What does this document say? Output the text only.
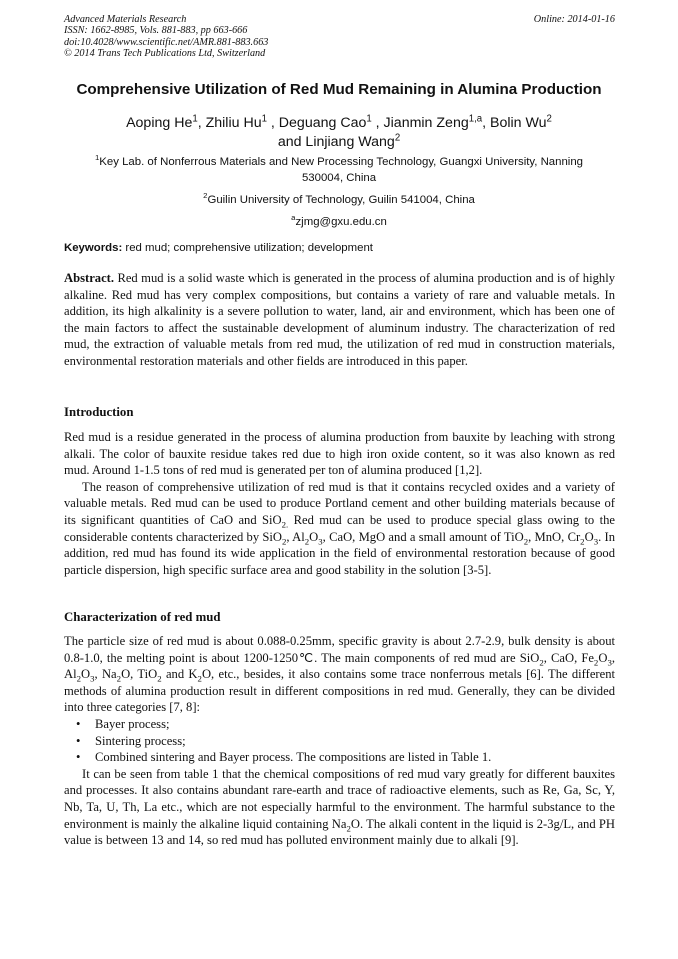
Advanced Materials Research
ISSN: 1662-8985, Vols. 881-883, pp 663-666
doi:10.4028/www.scientific.net/AMR.881-883.663
© 2014 Trans Tech Publications Ltd, Switzerland
Online: 2014-01-16
Comprehensive Utilization of Red Mud Remaining in Alumina Production
Aoping He$^1$, Zhiliu Hu$^1$ , Deguang Cao$^1$ , Jianmin Zeng$^{1,a}$, Bolin Wu$^2$
and Linjiang Wang$^2$
$^1$Key Lab. of Nonferrous Materials and New Processing Technology, Guangxi University, Nanning
530004, China
$^2$Guilin University of Technology, Guilin 541004, China
$^a$zjmg@gxu.edu.cn
Keywords: red mud; comprehensive utilization; development

Abstract. Red mud is a solid waste which is generated in the process of alumina production and is of highly alkaline. Red mud has very complex compositions, but contains a variety of rare and valuable metals. In addition, its high alkalinity is a severe pollution to water, land, air and environment, which has been one of the main factors to affect the sustainable development of aluminum industry. The characterization of red mud, the extraction of valuable metals from red mud, the utilization of red mud in construction materials, environmental restoration materials and other fields are introduced in this paper.

Introduction

Red mud is a residue generated in the process of alumina production from bauxite by leaching with strong alkali. The color of bauxite residue takes red due to high iron oxide content, so it was also known as red mud. Around 1-1.5 tons of red mud is generated per ton of alumina produced [1,2].

The reason of comprehensive utilization of red mud is that it contains recycled oxides and a variety of valuable metals. Red mud can be used to produce Portland cement and other building materials because of its significant quantities of CaO and SiO$_{2.}$ Red mud can be used to produce special glass owing to the considerable contents characterized by SiO$_2$, $Al_2O_3$, CaO, MgO and a small amount of TiO$_2$, MnO, $Cr_2O_3$. In addition, red mud has found its wide application in the field of environmental restoration because of good particle dispersion, high specific surface area and good stability in the solution [3-5].

Characterization of red mud

The particle size of red mud is about 0.088-0.25mm, specific gravity is about 2.7-2.9, bulk density is about 0.8-1.0, the melting point is about 1200-1250℃. The main components of red mud are SiO$_2$, CaO, $Fe_2O_3$, $Al_2O_3$, $Na_2O$, TiO$_2$ and $K_2O$, etc., besides, it also contains some trace nonferrous metals [6]. The different methods of alumina production result in different compositions in red mud. Generally, they can be divided into three categories [7, 8]:

• Bayer process;
• Sintering process;
• Combined sintering and Bayer process. The compositions are listed in Table 1.

It can be seen from table 1 that the chemical compositions of red mud vary greatly for different bauxites and processes. It also contains abundant rare-earth and trace of radioactive elements, such as Re, Ga, Sc, Y, Nb, Ta, U, Th, La etc., which are not especially harmful to the environment. The harmful substance to the environment is mainly the alkaline liquid containing $Na_2O$. The alkali content in the liquid is 2-3g/L, and PH value is between 13 and 14, so red mud has polluted environment mainly due to alkali [9].
